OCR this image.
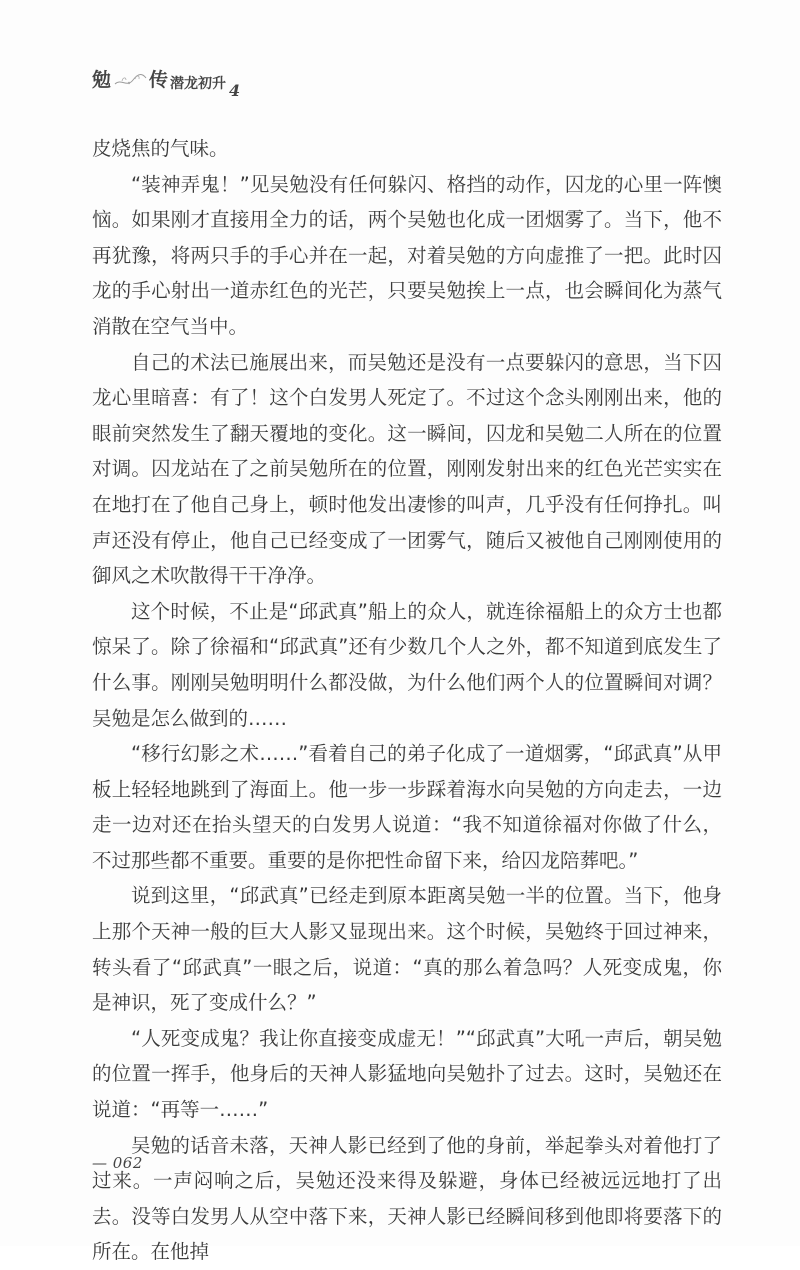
勉 传 潜龙初升 4

皮烧焦的气味。

“装神弄鬼！”见吴勉没有任何躲闪、格挡的动作，囚龙的心里一阵懊恼。如果刚才直接用全力的话，两个吴勉也化成一团烟雾了。当下，他不再犹豫，将两只手的手心并在一起，对着吴勉的方向虚推了一把。此时囚龙的手心射出一道赤红色的光芒，只要吴勉挨上一点，也会瞬间化为蒸气消散在空气当中。

自己的术法已施展出来，而吴勉还是没有一点要躲闪的意思，当下囚龙心里暗喜：有了！这个白发男人死定了。不过这个念头刚刚出来，他的眼前突然发生了翻天覆地的变化。这一瞬间，囚龙和吴勉二人所在的位置对调。囚龙站在了之前吴勉所在的位置，刚刚发射出来的红色光芒实实在在地打在了他自己身上，顿时他发出凄惨的叫声，几乎没有任何挣扎。叫声还没有停止，他自己已经变成了一团雾气，随后又被他自己刚刚使用的御风之术吹散得干干净净。

这个时候，不止是“邱武真”船上的众人，就连徐福船上的众方士也都惊呆了。除了徐福和“邱武真”还有少数几个人之外，都不知道到底发生了什么事。刚刚吴勉明明什么都没做，为什么他们两个人的位置瞬间对调？吴勉是怎么做到的……

“移行幻影之术……”看着自己的弟子化成了一道烟雾，“邱武真”从甲板上轻轻地跳到了海面上。他一步一步踩着海水向吴勉的方向走去，一边走一边对还在抬头望天的白发男人说道：“我不知道徐福对你做了什么，不过那些都不重要。重要的是你把性命留下来，给囚龙陪葬吧。”

说到这里，“邱武真”已经走到原本距离吴勉一半的位置。当下，他身上那个天神一般的巨大人影又显现出来。这个时候，吴勉终于回过神来，转头看了“邱武真”一眼之后，说道：“真的那么着急吗？人死变成鬼，你是神识，死了变成什么？”

“人死变成鬼？我让你直接变成虚无！”“邱武真”大吼一声后，朝吴勉的位置一挥手，他身后的天神人影猛地向吴勉扑了过去。这时，吴勉还在说道：“再等一……”

吴勉的话音未落，天神人影已经到了他的身前，举起拳头对着他打了过来。一声闷响之后，吴勉还没来得及躲避，身体已经被远远地打了出去。没等白发男人从空中落下来，天神人影已经瞬间移到他即将要落下的所在。在他掉

— 062
